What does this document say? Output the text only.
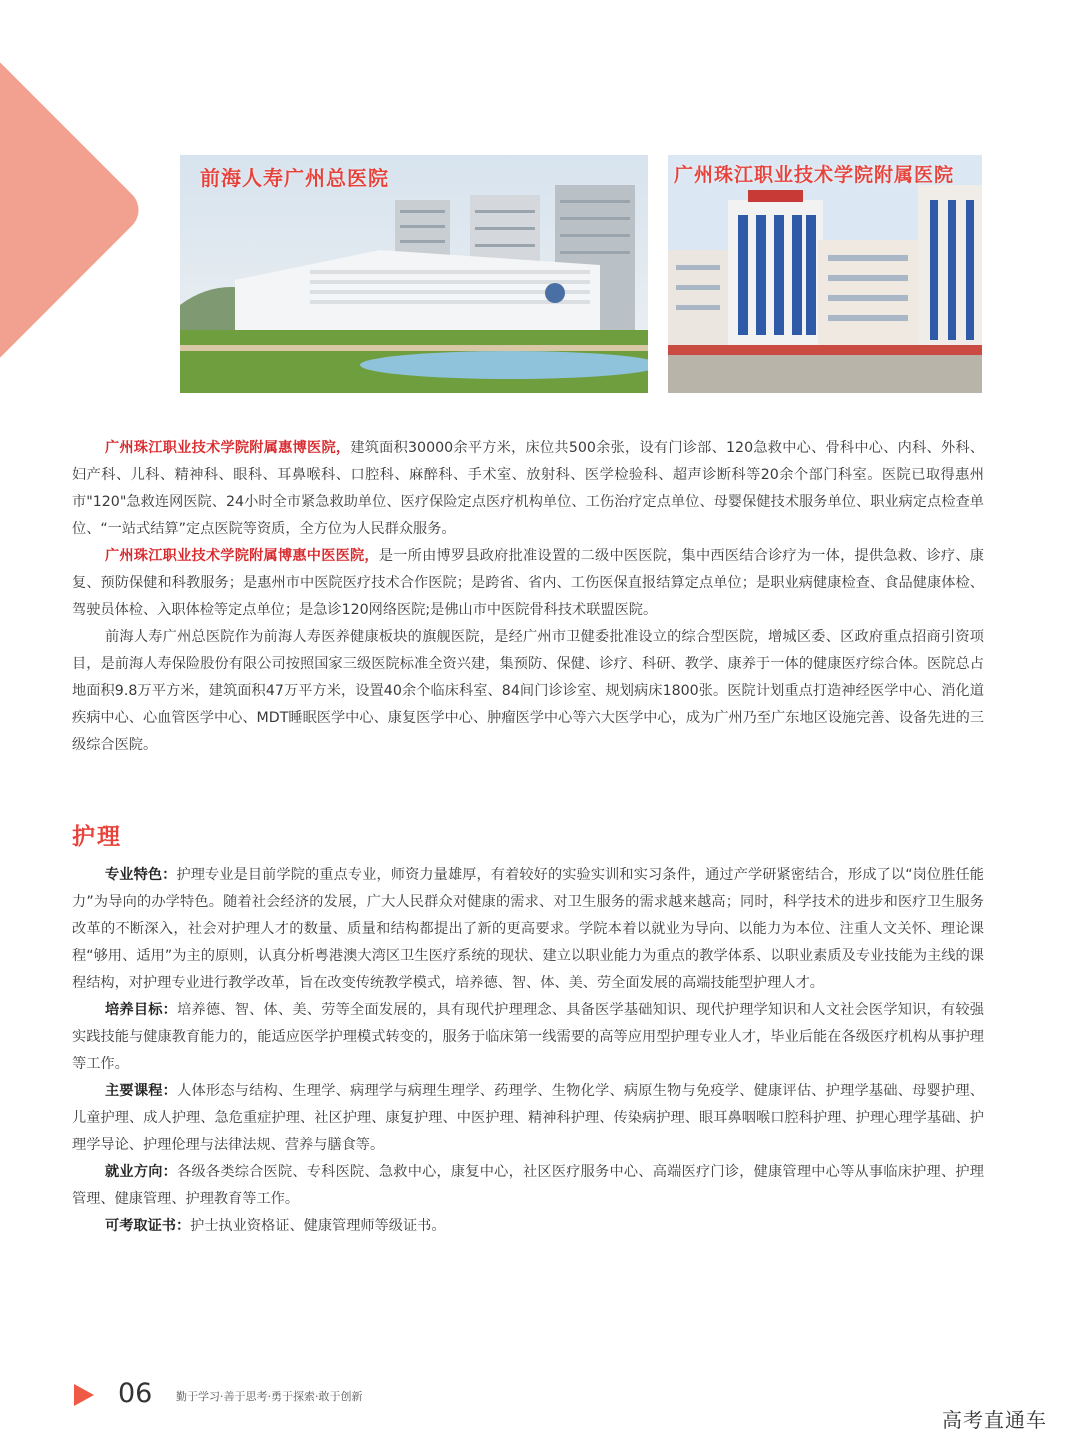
前海人寿广州总医院	广州珠江职业技术学院附属医院

广州珠江职业技术学院附属惠博医院，建筑面积30000余平方米，床位共500余张，设有门诊部、120急救中心、骨科中心、内科、外科、妇产科、儿科、精神科、眼科、耳鼻喉科、口腔科、麻醉科、手术室、放射科、医学检验科、超声诊断科等20余个部门科室。医院已取得惠州市"120"急救连网医院、24小时全市紧急救助单位、医疗保险定点医疗机构单位、工伤治疗定点单位、母婴保健技术服务单位、职业病定点检查单位、“一站式结算”定点医院等资质，全方位为人民群众服务。

广州珠江职业技术学院附属博惠中医医院，是一所由博罗县政府批准设置的二级中医医院，集中西医结合诊疗为一体，提供急救、诊疗、康复、预防保健和科教服务；是惠州市中医院医疗技术合作医院；是跨省、省内、工伤医保直报结算定点单位；是职业病健康检查、食品健康体检、驾驶员体检、入职体检等定点单位；是急诊120网络医院;是佛山市中医院骨科技术联盟医院。

前海人寿广州总医院作为前海人寿医养健康板块的旗舰医院，是经广州市卫健委批准设立的综合型医院，增城区委、区政府重点招商引资项目，是前海人寿保险股份有限公司按照国家三级医院标准全资兴建，集预防、保健、诊疗、科研、教学、康养于一体的健康医疗综合体。医院总占地面积9.8万平方米，建筑面积47万平方米，设置40余个临床科室、84间门诊诊室、规划病床1800张。医院计划重点打造神经医学中心、消化道疾病中心、心血管医学中心、MDT睡眠医学中心、康复医学中心、肿瘤医学中心等六大医学中心，成为广州乃至广东地区设施完善、设备先进的三级综合医院。

护理

专业特色：护理专业是目前学院的重点专业，师资力量雄厚，有着较好的实验实训和实习条件，通过产学研紧密结合，形成了以“岗位胜任能力”为导向的办学特色。随着社会经济的发展，广大人民群众对健康的需求、对卫生服务的需求越来越高；同时，科学技术的进步和医疗卫生服务改革的不断深入，社会对护理人才的数量、质量和结构都提出了新的更高要求。学院本着以就业为导向、以能力为本位、注重人文关怀、理论课程“够用、适用”为主的原则，认真分析粤港澳大湾区卫生医疗系统的现状、建立以职业能力为重点的教学体系、以职业素质及专业技能为主线的课程结构，对护理专业进行教学改革，旨在改变传统教学模式，培养德、智、体、美、劳全面发展的高端技能型护理人才。

培养目标：培养德、智、体、美、劳等全面发展的，具有现代护理理念、具备医学基础知识、现代护理学知识和人文社会医学知识，有较强实践技能与健康教育能力的，能适应医学护理模式转变的，服务于临床第一线需要的高等应用型护理专业人才，毕业后能在各级医疗机构从事护理等工作。

主要课程：人体形态与结构、生理学、病理学与病理生理学、药理学、生物化学、病原生物与免疫学、健康评估、护理学基础、母婴护理、儿童护理、成人护理、急危重症护理、社区护理、康复护理、中医护理、精神科护理、传染病护理、眼耳鼻咽喉口腔科护理、护理心理学基础、护理学导论、护理伦理与法律法规、营养与膳食等。

就业方向：各级各类综合医院、专科医院、急救中心，康复中心，社区医疗服务中心、高端医疗门诊，健康管理中心等从事临床护理、护理管理、健康管理、护理教育等工作。

可考取证书：护士执业资格证、健康管理师等级证书。

06 勤于学习·善于思考·勇于探索·敢于创新
高考直通车
